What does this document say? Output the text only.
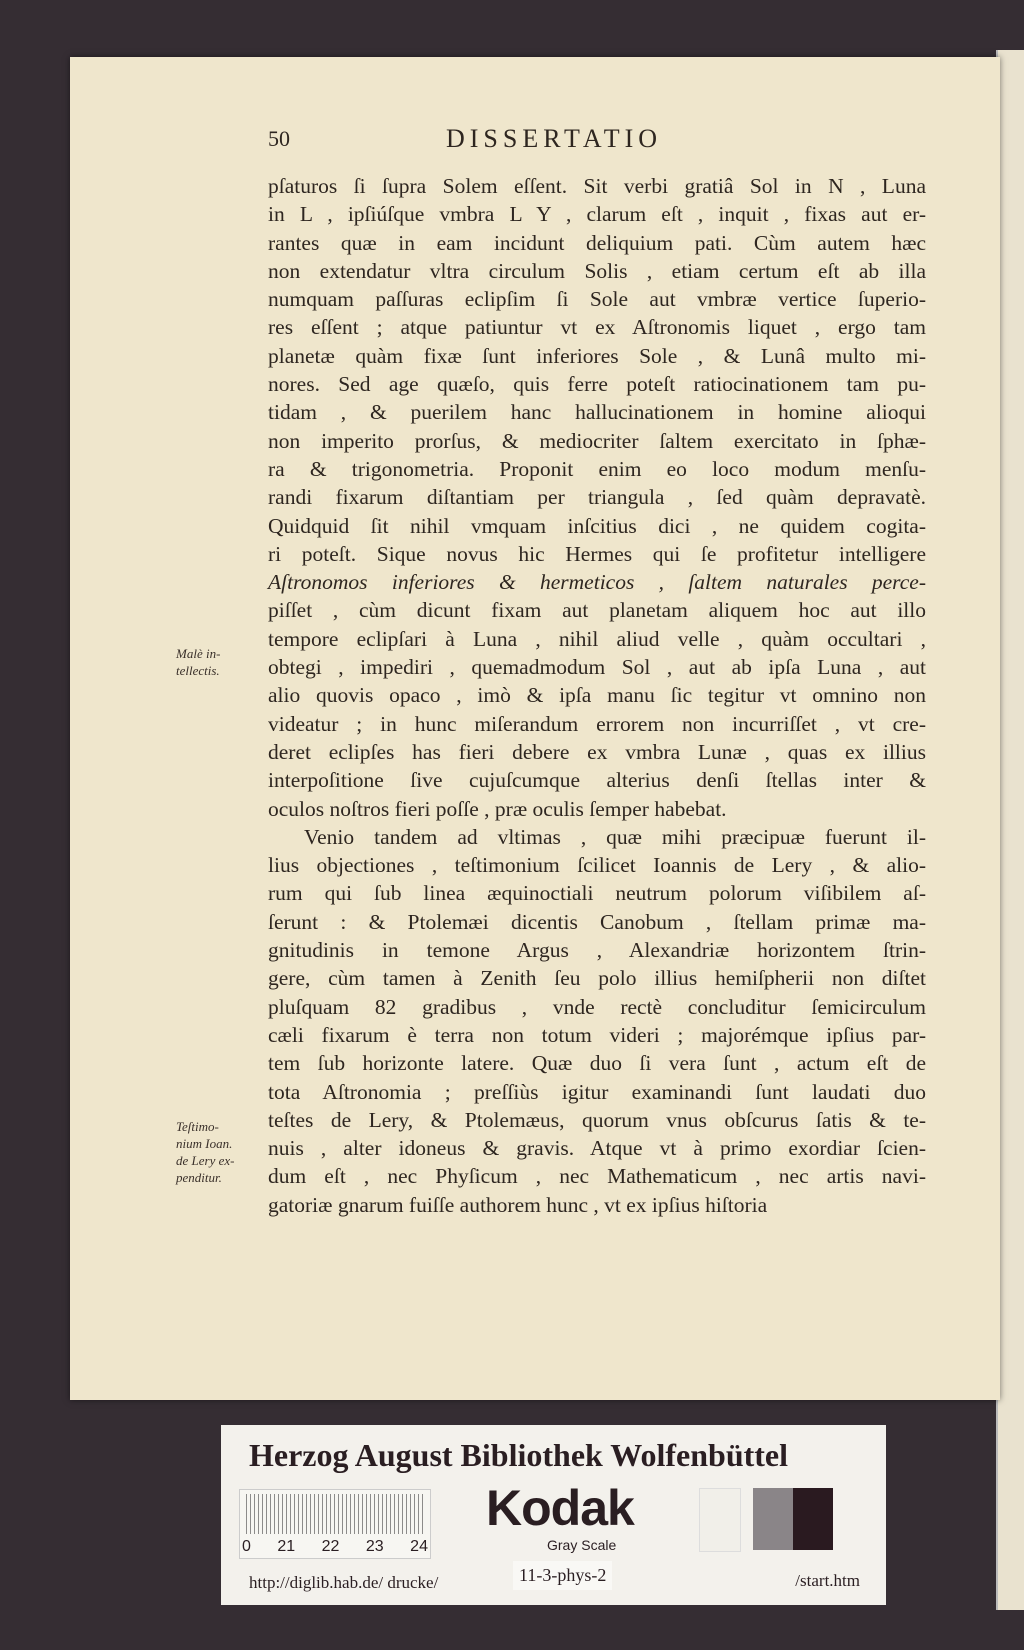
50	DISSERTATIO
pſaturos ſi ſupra Solem eſſent. Sit verbi gratiâ Sol in N , Luna
in L , ipſiúſque vmbra L Y , clarum eſt , inquit , fixas aut er-
rantes quæ in eam incidunt deliquium pati. Cùm autem hæc
non extendatur vltra circulum Solis , etiam certum eſt ab illa
numquam paſſuras eclipſim ſi Sole aut vmbræ vertice ſuperio-
res eſſent ; atque patiuntur vt ex Aſtronomis liquet , ergo tam
planetæ quàm fixæ ſunt inferiores Sole , & Lunâ multo mi-
nores. Sed age quæſo, quis ferre poteſt ratiocinationem tam pu-
tidam , & puerilem hanc hallucinationem in homine alioqui
non imperito prorſus, & mediocriter ſaltem exercitato in ſphæ-
ra & trigonometria. Proponit enim eo loco modum menſu-
randi fixarum diſtantiam per triangula , ſed quàm depravatè.
Quidquid ſit nihil vmquam inſcitius dici , ne quidem cogita-
ri poteſt. Sique novus hic Hermes qui ſe profitetur intelligere
Aſtronomos inferiores & hermeticos , ſaltem naturales perce-
piſſet , cùm dicunt fixam aut planetam aliquem hoc aut illo
tempore eclipſari à Luna , nihil aliud velle , quàm occultari ,
obtegi , impediri , quemadmodum Sol , aut ab ipſa Luna , aut
alio quovis opaco , imò & ipſa manu ſic tegitur vt omnino non
videatur ; in hunc miſerandum errorem non incurriſſet , vt cre-
deret eclipſes has fieri debere ex vmbra Lunæ , quas ex illius
interpoſitione ſive cujuſcumque alterius denſi ſtellas inter &
oculos noſtros fieri poſſe , præ oculis ſemper habebat.
Venio tandem ad vltimas , quæ mihi præcipuæ fuerunt il-
lius objectiones , teſtimonium ſcilicet Ioannis de Lery , & alio-
rum qui ſub linea æquinoctiali neutrum polorum viſibilem aſ-
ſerunt : & Ptolemæi dicentis Canobum , ſtellam primæ ma-
gnitudinis in temone Argus , Alexandriæ horizontem ſtrin-
gere, cùm tamen à Zenith ſeu polo illius hemiſpherii non diſtet
pluſquam 82 gradibus , vnde rectè concluditur ſemicirculum
cæli fixarum è terra non totum videri ; majorémque ipſius par-
tem ſub horizonte latere. Quæ duo ſi vera ſunt , actum eſt de
tota Aſtronomia ; preſſiùs igitur examinandi ſunt laudati duo
teſtes de Lery, & Ptolemæus, quorum vnus obſcurus ſatis & te-
nuis , alter idoneus & gravis. Atque vt à primo exordiar ſcien-
dum eſt , nec Phyſicum , nec Mathematicum , nec artis navi-
gatoriæ gnarum fuiſſe authorem hunc , vt ex ipſius hiſtoria
Malè in-
tellectis.
Teſtimo-
nium Ioan.
de Lery ex-
penditur.
Herzog August Bibliothek Wolfenbüttel
0 21 22 23 24
Kodak
Gray Scale
http://diglib.hab.de/ drucke/	11-3-phys-2	/start.htm
